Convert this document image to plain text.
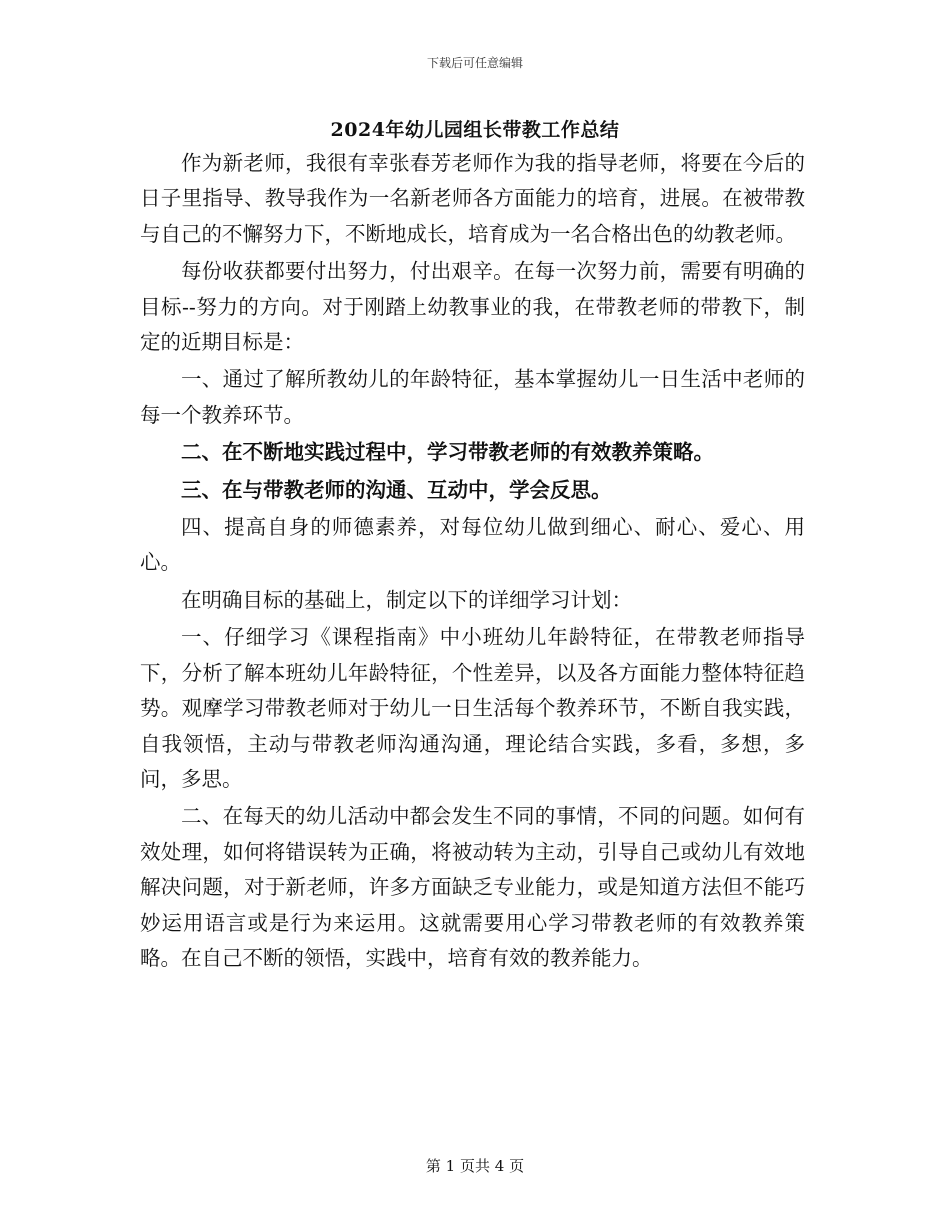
下载后可任意编辑
2024年幼儿园组长带教工作总结

作为新老师，我很有幸张春芳老师作为我的指导老师，将要在今后的日子里指导、教导我作为一名新老师各方面能力的培育，进展。在被带教与自己的不懈努力下，不断地成长，培育成为一名合格出色的幼教老师。

每份收获都要付出努力，付出艰辛。在每一次努力前，需要有明确的目标--努力的方向。对于刚踏上幼教事业的我，在带教老师的带教下，制定的近期目标是：

一、通过了解所教幼儿的年龄特征，基本掌握幼儿一日生活中老师的每一个教养环节。

二、在不断地实践过程中，学习带教老师的有效教养策略。

三、在与带教老师的沟通、互动中，学会反思。

四、提高自身的师德素养，对每位幼儿做到细心、耐心、爱心、用心。

在明确目标的基础上，制定以下的详细学习计划：

一、仔细学习《课程指南》中小班幼儿年龄特征，在带教老师指导下，分析了解本班幼儿年龄特征，个性差异，以及各方面能力整体特征趋势。观摩学习带教老师对于幼儿一日生活每个教养环节，不断自我实践，自我领悟，主动与带教老师沟通沟通，理论结合实践，多看，多想，多问，多思。

二、在每天的幼儿活动中都会发生不同的事情，不同的问题。如何有效处理，如何将错误转为正确，将被动转为主动，引导自己或幼儿有效地解决问题，对于新老师，许多方面缺乏专业能力，或是知道方法但不能巧妙运用语言或是行为来运用。这就需要用心学习带教老师的有效教养策略。在自己不断的领悟，实践中，培育有效的教养能力。

第 1 页共 4 页
